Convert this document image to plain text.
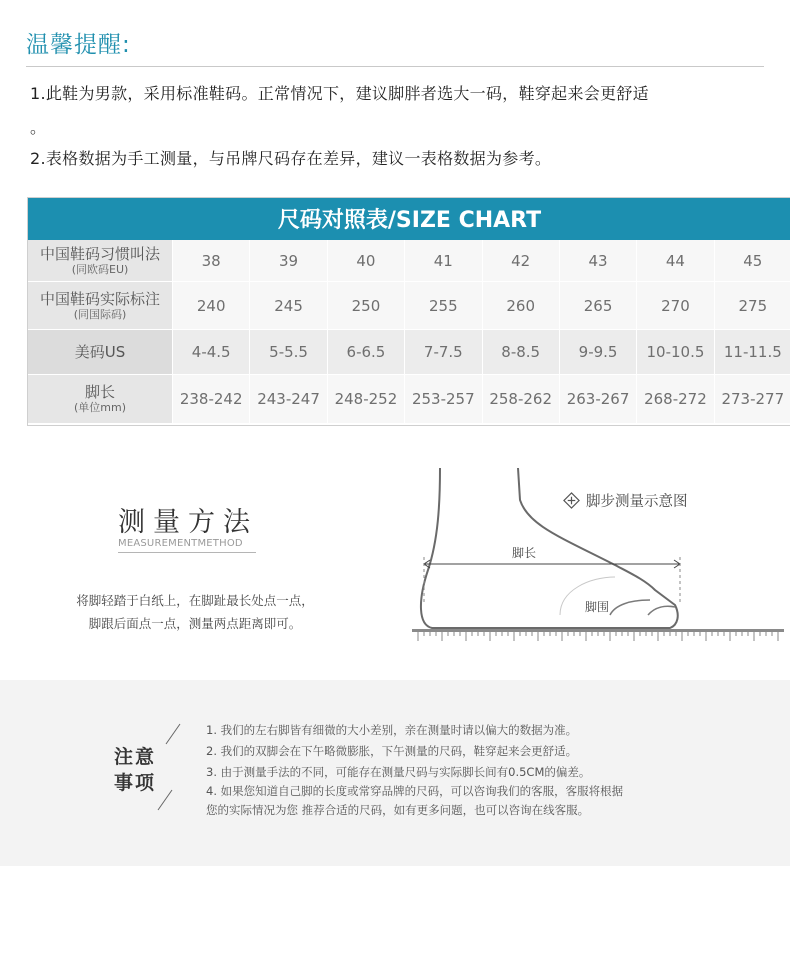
温馨提醒:
1.此鞋为男款，采用标准鞋码。正常情况下，建议脚胖者选大一码，鞋穿起来会更舒适
。
2.表格数据为手工测量，与吊牌尺码存在差异，建议一表格数据为参考。
尺码对照表/SIZE CHART								
中国鞋码习惯叫法
(同欧码EU)	38	39	40	41	42	43	44	45
中国鞋码实际标注
(同国际码)	240	245	250	255	260	265	270	275
美码US	4-4.5	5-5.5	6-6.5	7-7.5	8-8.5	9-9.5	10-10.5	11-11.5
脚长
(单位mm)	238-242	243-247	248-252	253-257	258-262	263-267	268-272	273-277
测量方法
MEASUREMENTMETHOD
将脚轻踏于白纸上，在脚趾最长处点一点，
脚跟后面点一点，测量两点距离即可。
脚步测量示意图
脚长
脚围
注意
事项
1. 我们的左右脚皆有细微的大小差别，亲在测量时请以偏大的数据为准。
2. 我们的双脚会在下午略微膨胀，下午测量的尺码，鞋穿起来会更舒适。
3. 由于测量手法的不同，可能存在测量尺码与实际脚长间有0.5CM的偏差。
4. 如果您知道自己脚的长度或常穿品牌的尺码，可以咨询我们的客服，客服将根据
您的实际情况为您 推荐合适的尺码，如有更多问题，也可以咨询在线客服。
